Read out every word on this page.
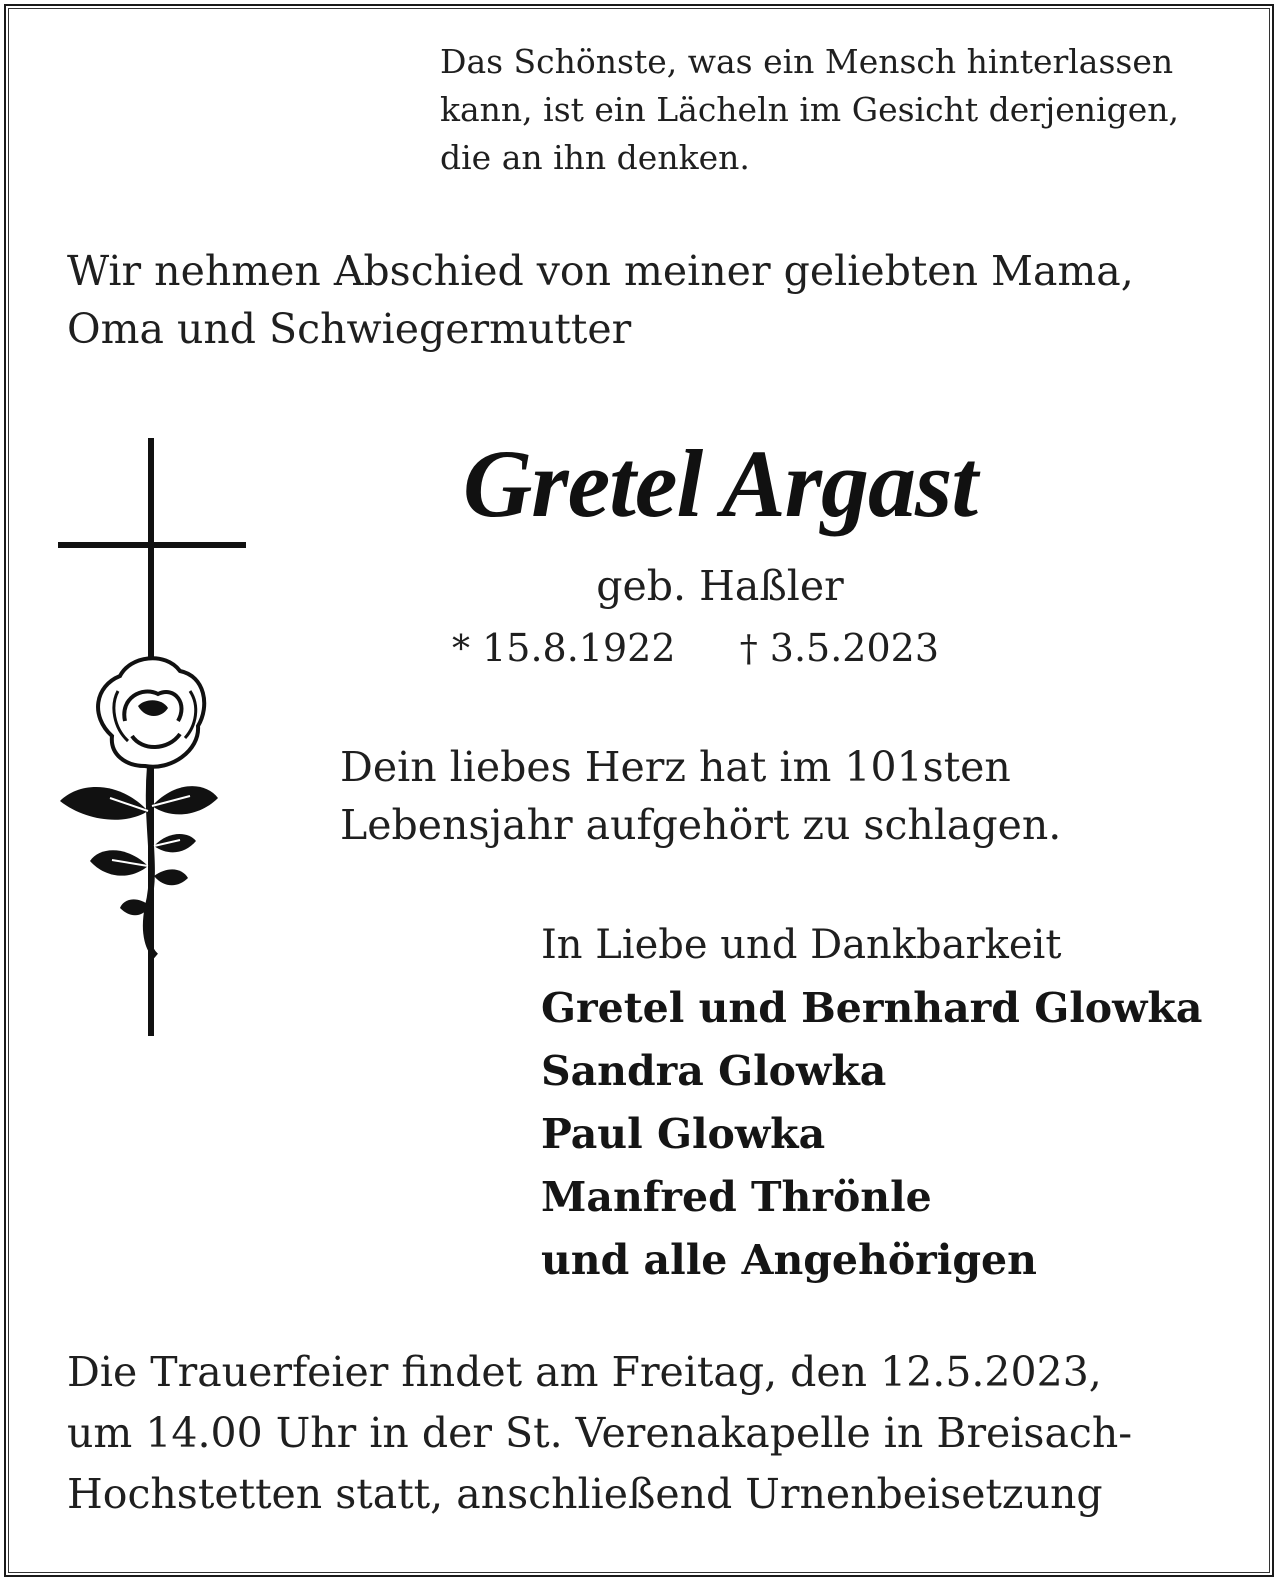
Das Schönste, was ein Mensch hinterlassen
kann, ist ein Lächeln im Gesicht derjenigen,
die an ihn denken.
Wir nehmen Abschied von meiner geliebten Mama,
Oma und Schwiegermutter
Gretel Argast
geb. Haßler
* 15.8.1922 † 3.5.2023
Dein liebes Herz hat im 101sten
Lebensjahr aufgehört zu schlagen.
In Liebe und Dankbarkeit
Gretel und Bernhard Glowka
Sandra Glowka
Paul Glowka
Manfred Thrönle
und alle Angehörigen
Die Trauerfeier findet am Freitag, den 12.5.2023,
um 14.00 Uhr in der St. Verenakapelle in Breisach-
Hochstetten statt, anschließend Urnenbeisetzung
